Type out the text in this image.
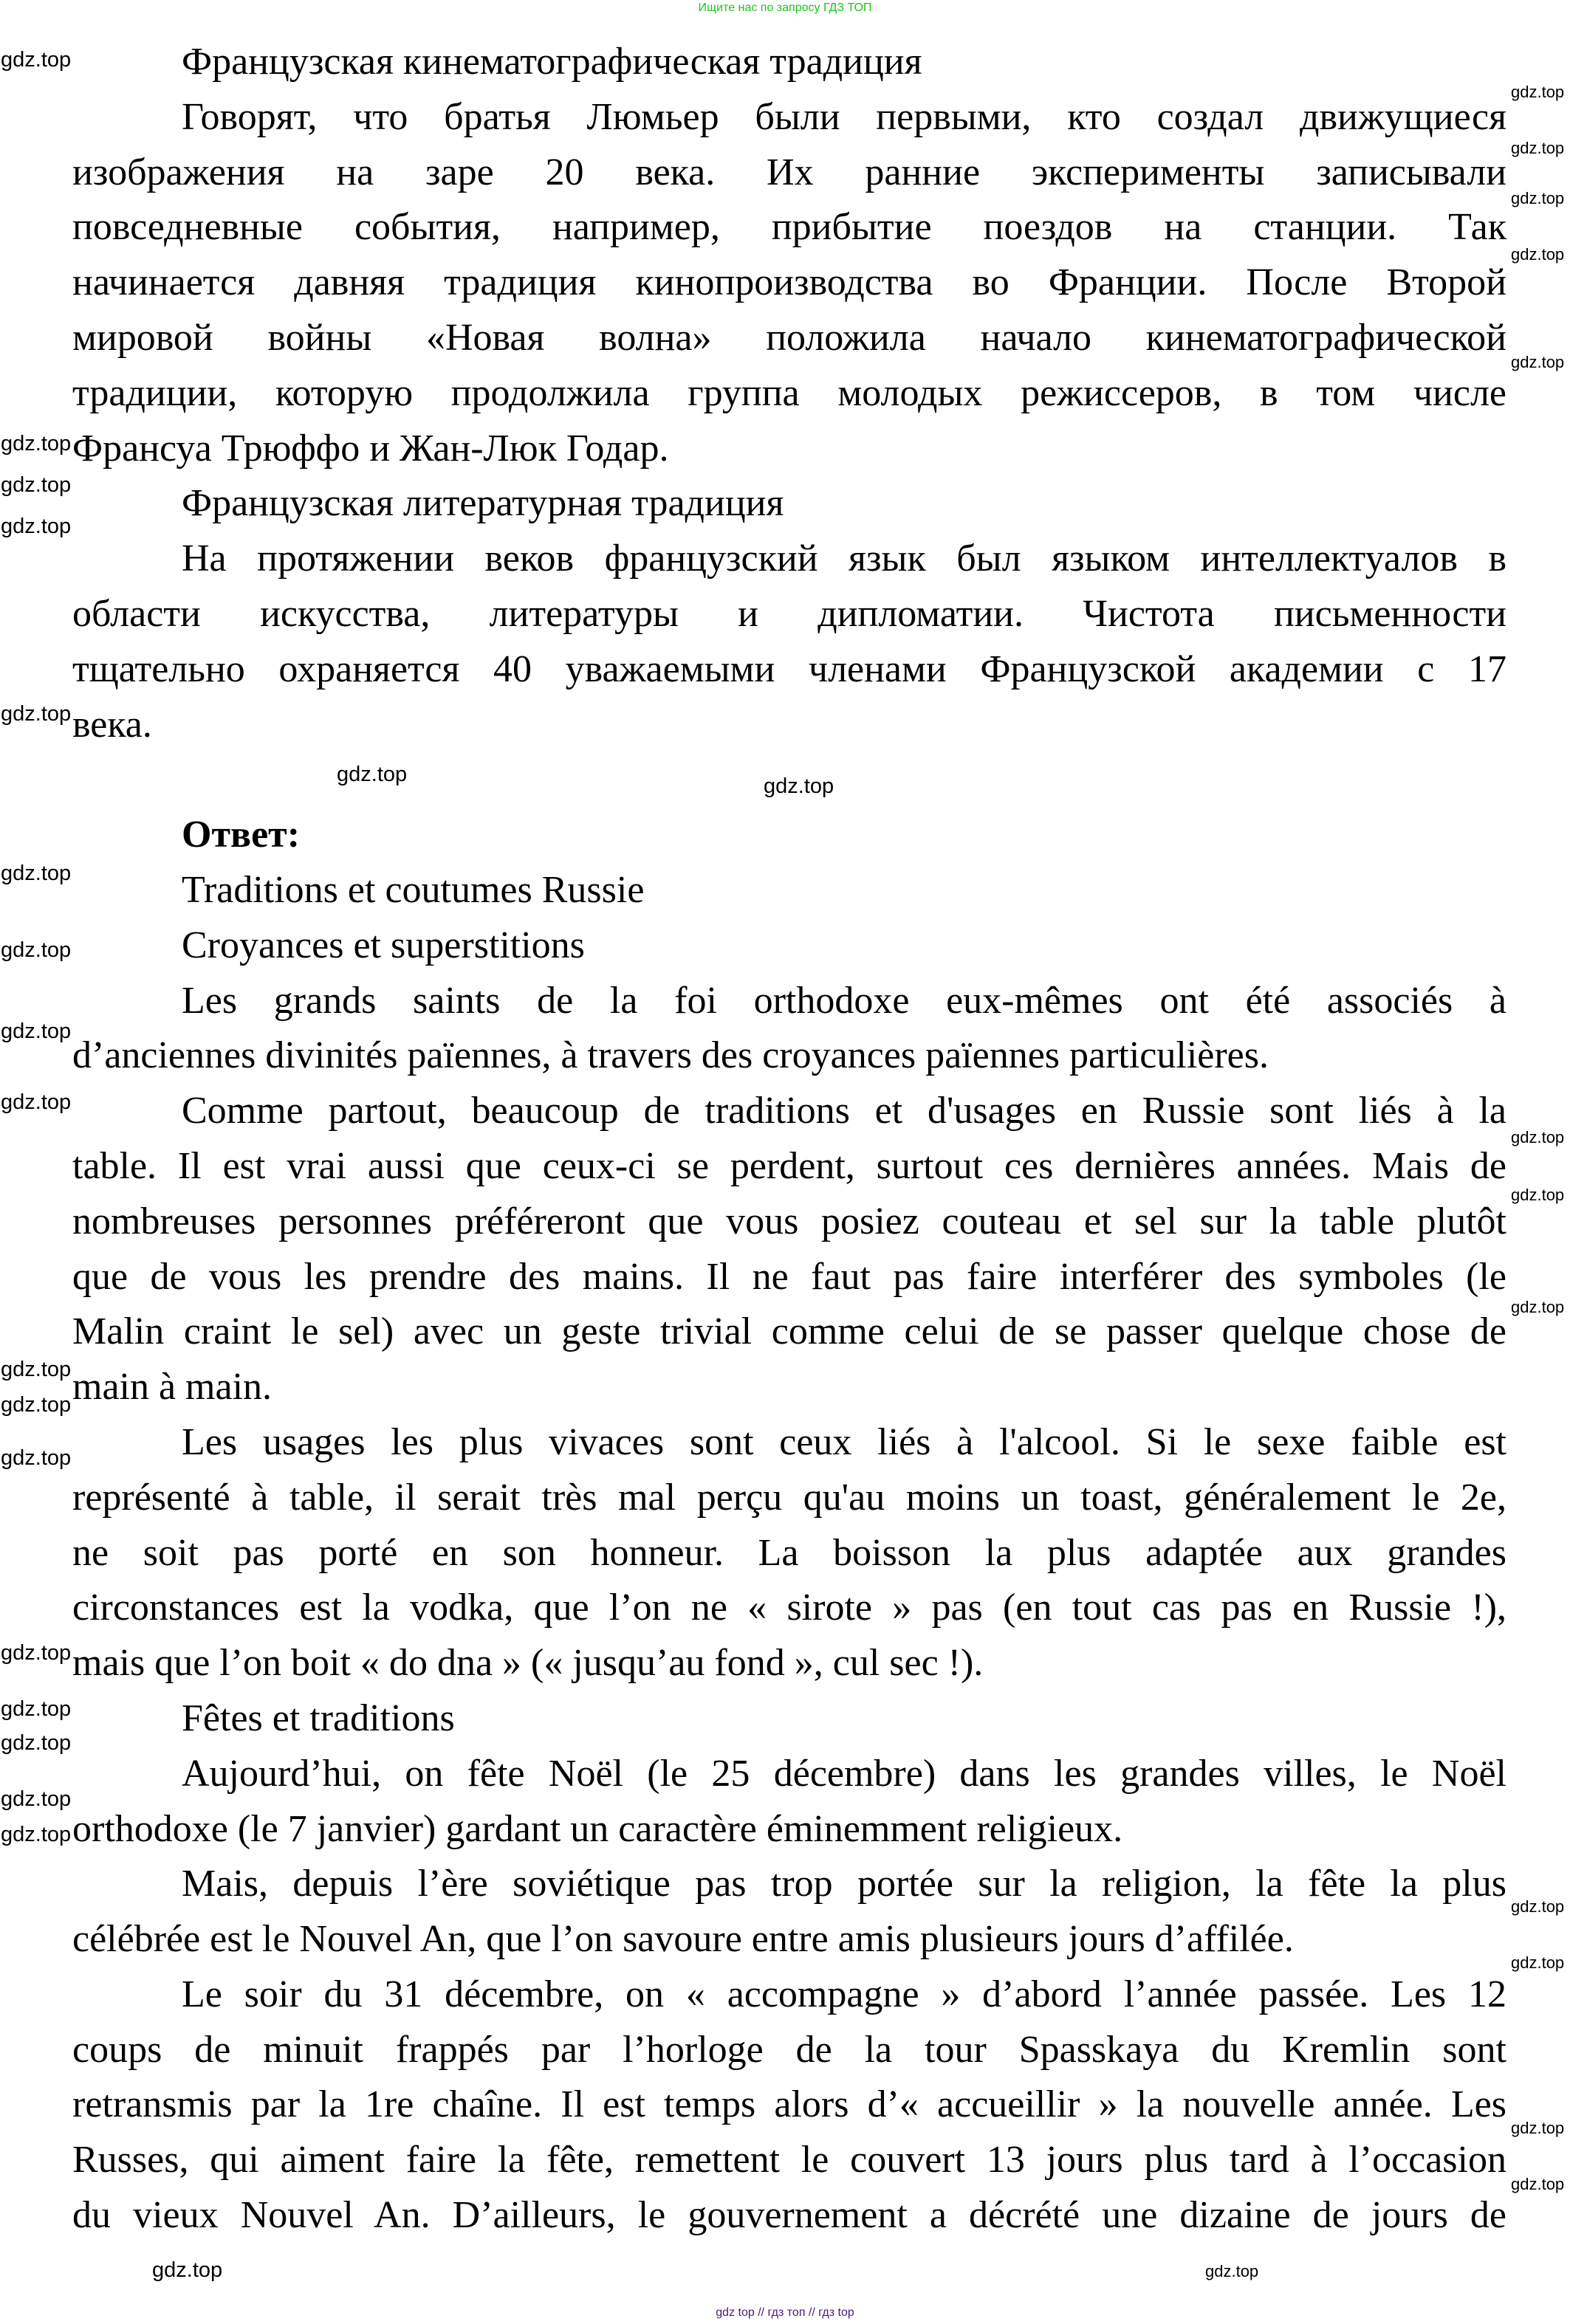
Ищите нас по запросу ГДЗ ТОП
Французская кинематографическая традиция
Говорят, что братья Люмьер были первыми, кто создал движущиеся
изображения на заре 20 века. Их ранние эксперименты записывали
повседневные события, например, прибытие поездов на станции. Так
начинается давняя традиция кинопроизводства во Франции. После Второй
мировой войны «Новая волна» положила начало кинематографической
традиции, которую продолжила группа молодых режиссеров, в том числе
Франсуа Трюффо и Жан-Люк Годар.
Французская литературная традиция
На протяжении веков французский язык был языком интеллектуалов в
области искусства, литературы и дипломатии. Чистота письменности
тщательно охраняется 40 уважаемыми членами Французской академии с 17
века.
Ответ:
Traditions et coutumes Russie
Croyances et superstitions
Les grands saints de la foi orthodoxe eux-mêmes ont été associés à
d’anciennes divinités païennes, à travers des croyances païennes particulières.
Comme partout, beaucoup de traditions et d'usages en Russie sont liés à la
table. Il est vrai aussi que ceux-ci se perdent, surtout ces dernières années. Mais de
nombreuses personnes préféreront que vous posiez couteau et sel sur la table plutôt
que de vous les prendre des mains. Il ne faut pas faire interférer des symboles (le
Malin craint le sel) avec un geste trivial comme celui de se passer quelque chose de
main à main.
Les usages les plus vivaces sont ceux liés à l'alcool. Si le sexe faible est
représenté à table, il serait très mal perçu qu'au moins un toast, généralement le 2e,
ne soit pas porté en son honneur. La boisson la plus adaptée aux grandes
circonstances est la vodka, que l’on ne « sirote » pas (en tout cas pas en Russie !),
mais que l’on boit « do dna » (« jusqu’au fond », cul sec !).
Fêtes et traditions
Aujourd’hui, on fête Noël (le 25 décembre) dans les grandes villes, le Noël
orthodoxe (le 7 janvier) gardant un caractère éminemment religieux.
Mais, depuis l’ère soviétique pas trop portée sur la religion, la fête la plus
célébrée est le Nouvel An, que l’on savoure entre amis plusieurs jours d’affilée.
Le soir du 31 décembre, on « accompagne » d’abord l’année passée. Les 12
coups de minuit frappés par l’horloge de la tour Spasskaya du Kremlin sont
retransmis par la 1re chaîne. Il est temps alors d’« accueillir » la nouvelle année. Les
Russes, qui aiment faire la fête, remettent le couvert 13 jours plus tard à l’occasion
du vieux Nouvel An. D’ailleurs, le gouvernement a décrété une dizaine de jours de
gdz.top
gdz.top
gdz.top
gdz.top
gdz.top
gdz.top	gdz.top
gdz.top
gdz.top
gdz.top
gdz.top
gdz.top
gdz.top
gdz.top
gdz.top
gdz.top
gdz.top
gdz.top
gdz.top
gdz.top
gdz.top
gdz.top
gdz.top
gdz.top
gdz.top
gdz.top
gdz.top
gdz.top
gdz.top
gdz.top
gdz.top
gdz.top
gdz.top
gdz top // гдз топ // гдз top
